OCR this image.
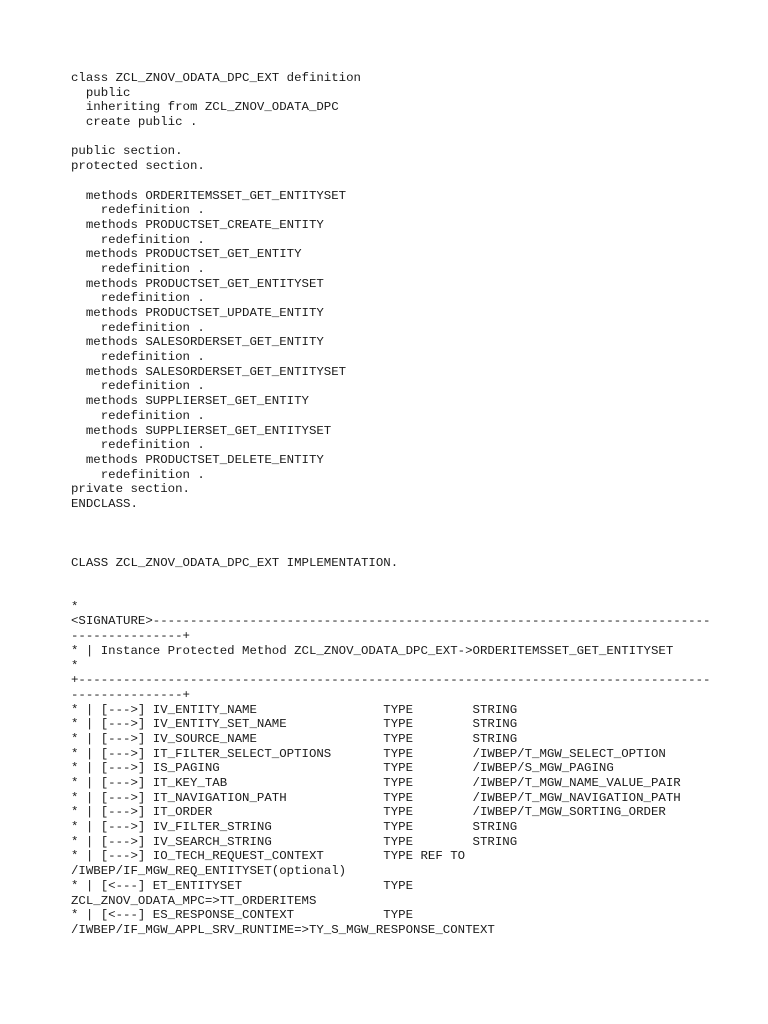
class ZCL_ZNOV_ODATA_DPC_EXT definition
public
inheriting from ZCL_ZNOV_ODATA_DPC
create public .
public section.
protected section.
methods ORDERITEMSSET_GET_ENTITYSET
redefinition .
methods PRODUCTSET_CREATE_ENTITY
redefinition .
methods PRODUCTSET_GET_ENTITY
redefinition .
methods PRODUCTSET_GET_ENTITYSET
redefinition .
methods PRODUCTSET_UPDATE_ENTITY
redefinition .
methods SALESORDERSET_GET_ENTITY
redefinition .
methods SALESORDERSET_GET_ENTITYSET
redefinition .
methods SUPPLIERSET_GET_ENTITY
redefinition .
methods SUPPLIERSET_GET_ENTITYSET
redefinition .
methods PRODUCTSET_DELETE_ENTITY
redefinition .
private section.
ENDCLASS.
CLASS ZCL_ZNOV_ODATA_DPC_EXT IMPLEMENTATION.
*
<SIGNATURE>---------------------------------------------------------------------------
---------------+
* | Instance Protected Method ZCL_ZNOV_ODATA_DPC_EXT->ORDERITEMSSET_GET_ENTITYSET
*
+-------------------------------------------------------------------------------------
---------------+
* | [--->] IV_ENTITY_NAME                 TYPE        STRING
* | [--->] IV_ENTITY_SET_NAME             TYPE        STRING
* | [--->] IV_SOURCE_NAME                 TYPE        STRING
* | [--->] IT_FILTER_SELECT_OPTIONS       TYPE        /IWBEP/T_MGW_SELECT_OPTION
* | [--->] IS_PAGING                      TYPE        /IWBEP/S_MGW_PAGING
* | [--->] IT_KEY_TAB                     TYPE        /IWBEP/T_MGW_NAME_VALUE_PAIR
* | [--->] IT_NAVIGATION_PATH             TYPE        /IWBEP/T_MGW_NAVIGATION_PATH
* | [--->] IT_ORDER                       TYPE        /IWBEP/T_MGW_SORTING_ORDER
* | [--->] IV_FILTER_STRING               TYPE        STRING
* | [--->] IV_SEARCH_STRING               TYPE        STRING
* | [--->] IO_TECH_REQUEST_CONTEXT        TYPE REF TO
/IWBEP/IF_MGW_REQ_ENTITYSET(optional)
* | [<---] ET_ENTITYSET                   TYPE
ZCL_ZNOV_ODATA_MPC=>TT_ORDERITEMS
* | [<---] ES_RESPONSE_CONTEXT            TYPE
/IWBEP/IF_MGW_APPL_SRV_RUNTIME=>TY_S_MGW_RESPONSE_CONTEXT
